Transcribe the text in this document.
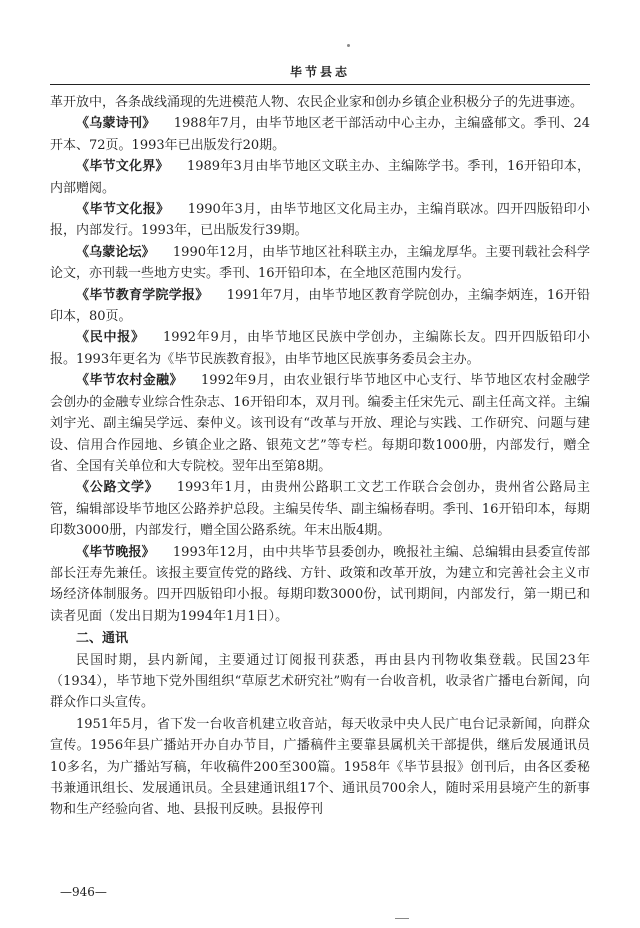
毕节县志

革开放中，各条战线涌现的先进模范人物、农民企业家和创办乡镇企业积极分子的先进事迹。

《乌蒙诗刊》 1988年7月，由毕节地区老干部活动中心主办，主编盛郁文。季刊、24开本、72页。1993年已出版发行20期。

《毕节文化界》 1989年3月由毕节地区文联主办、主编陈学书。季刊，16开铅印本，内部赠阅。

《毕节文化报》 1990年3月，由毕节地区文化局主办，主编肖联冰。四开四版铅印小报，内部发行。1993年，已出版发行39期。

《乌蒙论坛》 1990年12月，由毕节地区社科联主办，主编龙厚华。主要刊载社会科学论文，亦刊载一些地方史实。季刊、16开铅印本，在全地区范围内发行。

《毕节教育学院学报》 1991年7月，由毕节地区教育学院创办，主编李炳连，16开铅印本，80页。

《民中报》 1992年9月，由毕节地区民族中学创办，主编陈长友。四开四版铅印小报。1993年更名为《毕节民族教育报》，由毕节地区民族事务委员会主办。

《毕节农村金融》 1992年9月，由农业银行毕节地区中心支行、毕节地区农村金融学会创办的金融专业综合性杂志、16开铅印本，双月刊。编委主任宋先元、副主任高文祥。主编刘宇光、副主编吴学远、秦仲义。该刊设有“改革与开放、理论与实践、工作研究、问题与建设、信用合作园地、乡镇企业之路、银苑文艺”等专栏。每期印数1000册，内部发行，赠全省、全国有关单位和大专院校。翌年出至第8期。

《公路文学》 1993年1月，由贵州公路职工文艺工作联合会创办，贵州省公路局主管，编辑部设毕节地区公路养护总段。主编吴传华、副主编杨春明。季刊、16开铅印本，每期印数3000册，内部发行，赠全国公路系统。年末出版4期。

《毕节晚报》 1993年12月，由中共毕节县委创办，晚报社主编、总编辑由县委宣传部部长汪寿先兼任。该报主要宣传党的路线、方针、政策和改革开放，为建立和完善社会主义市场经济体制服务。四开四版铅印小报。每期印数3000份，试刊期间，内部发行，第一期已和读者见面（发出日期为1994年1月1日）。

二、通讯

民国时期，县内新闻，主要通过订阅报刊获悉，再由县内刊物收集登载。民国23年（1934），毕节地下党外围组织“草原艺术研究社”购有一台收音机，收录省广播电台新闻，向群众作口头宣传。

1951年5月，省下发一台收音机建立收音站，每天收录中央人民广电台记录新闻，向群众宣传。1956年县广播站开办自办节目，广播稿件主要靠县属机关干部提供，继后发展通讯员10多名，为广播站写稿，年收稿件200至300篇。1958年《毕节县报》创刊后，由各区委秘书兼通讯组长、发展通讯员。全县建通讯组17个、通讯员700余人，随时采用县境产生的新事物和生产经验向省、地、县报刊反映。县报停刊

—946—
